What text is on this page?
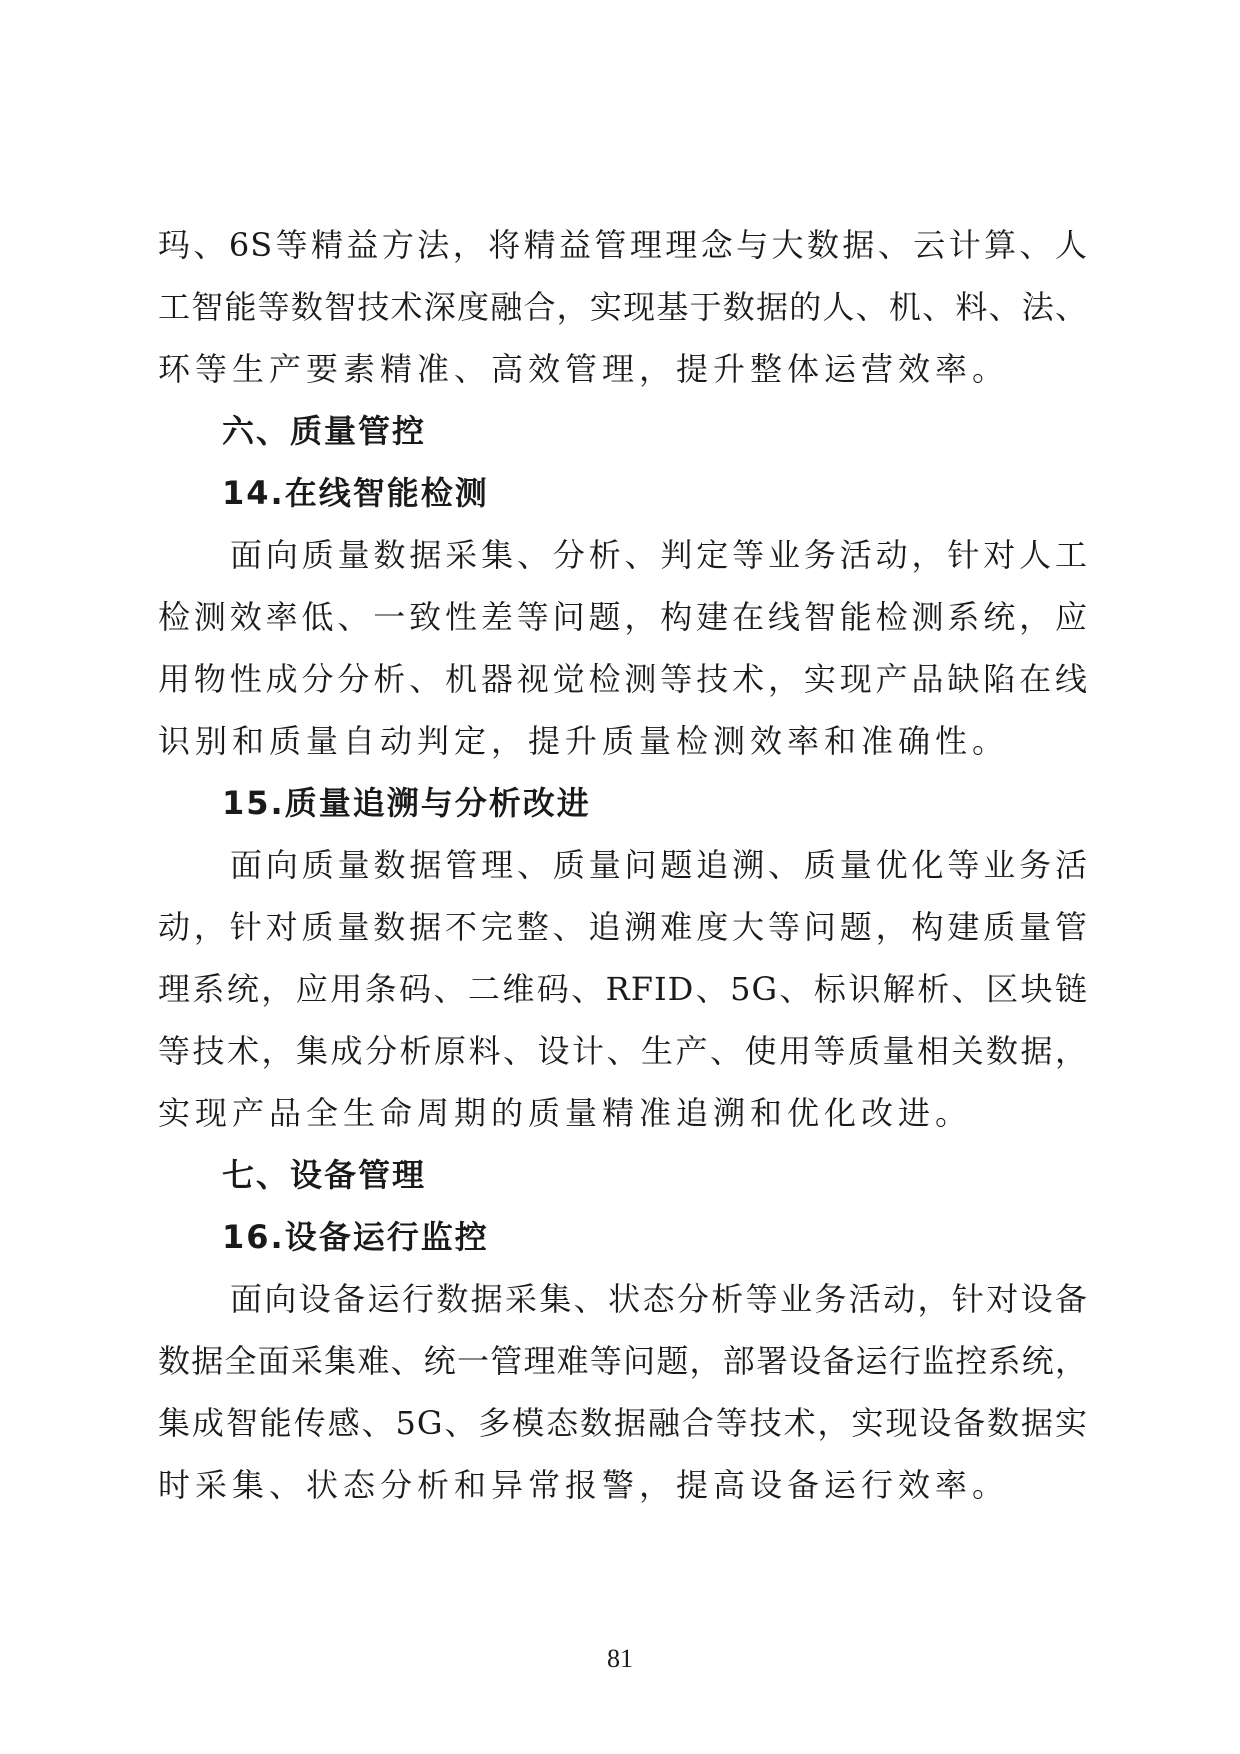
玛、6S等精益方法，将精益管理理念与大数据、云计算、人
工智能等数智技术深度融合，实现基于数据的人、机、料、法、
环等生产要素精准、高效管理，提升整体运营效率。
六、质量管控
14.在线智能检测
面向质量数据采集、分析、判定等业务活动，针对人工
检测效率低、一致性差等问题，构建在线智能检测系统，应
用物性成分分析、机器视觉检测等技术，实现产品缺陷在线
识别和质量自动判定，提升质量检测效率和准确性。
15.质量追溯与分析改进
面向质量数据管理、质量问题追溯、质量优化等业务活
动，针对质量数据不完整、追溯难度大等问题，构建质量管
理系统，应用条码、二维码、RFID、5G、标识解析、区块链
等技术，集成分析原料、设计、生产、使用等质量相关数据，
实现产品全生命周期的质量精准追溯和优化改进。
七、设备管理
16.设备运行监控
面向设备运行数据采集、状态分析等业务活动，针对设备
数据全面采集难、统一管理难等问题，部署设备运行监控系统，
集成智能传感、5G、多模态数据融合等技术，实现设备数据实
时采集、状态分析和异常报警，提高设备运行效率。
81
